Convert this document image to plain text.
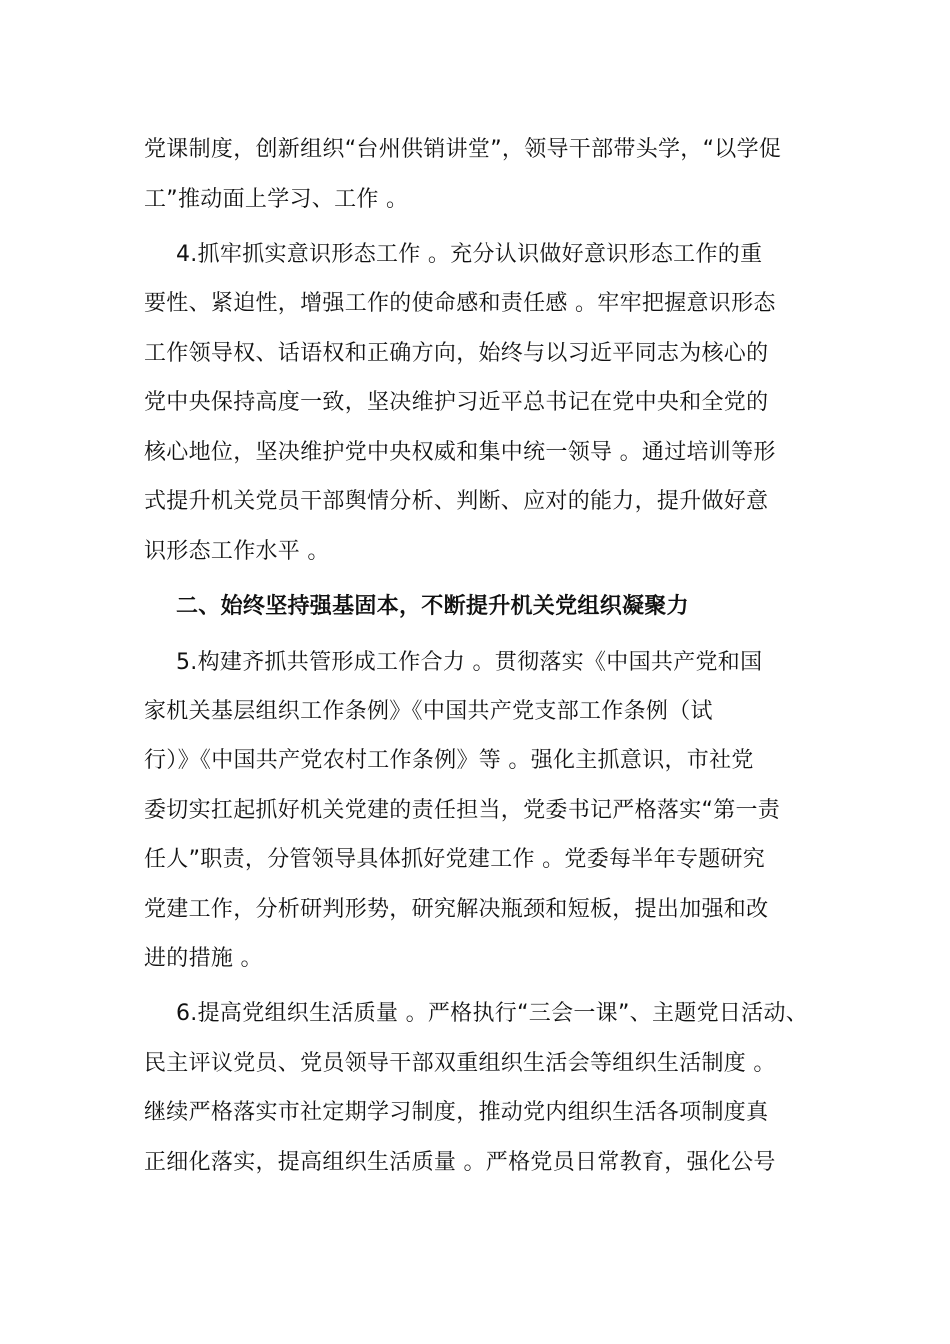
党课制度，创新组织“台州供销讲堂”，领导干部带头学，“以学促
工”推动面上学习、工作 。
4.抓牢抓实意识形态工作 。充分认识做好意识形态工作的重
要性、紧迫性，增强工作的使命感和责任感 。牢牢把握意识形态
工作领导权、话语权和正确方向，始终与以习近平同志为核心的
党中央保持高度一致，坚决维护习近平总书记在党中央和全党的
核心地位，坚决维护党中央权威和集中统一领导 。通过培训等形
式提升机关党员干部舆情分析、判断、应对的能力，提升做好意
识形态工作水平 。
二、始终坚持强基固本，不断提升机关党组织凝聚力
5.构建齐抓共管形成工作合力 。贯彻落实《中国共产党和国
家机关基层组织工作条例》《中国共产党支部工作条例（试
行）》《中国共产党农村工作条例》等 。强化主抓意识，市社党
委切实扛起抓好机关党建的责任担当，党委书记严格落实“第一责
任人”职责，分管领导具体抓好党建工作 。党委每半年专题研究
党建工作，分析研判形势，研究解决瓶颈和短板，提出加强和改
进的措施 。
6.提高党组织生活质量 。严格执行“三会一课”、主题党日活动、
民主评议党员、党员领导干部双重组织生活会等组织生活制度 。
继续严格落实市社定期学习制度，推动党内组织生活各项制度真
正细化落实，提高组织生活质量 。严格党员日常教育，强化公号
